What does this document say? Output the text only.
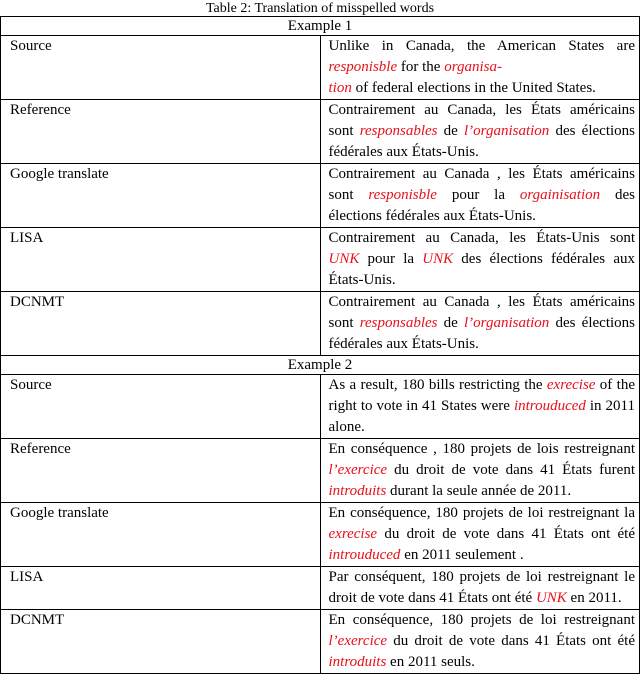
Table 2: Translation of misspelled words
Example 1	
Source	Unlike in Canada, the American States are responisble for the organisa-
tion of federal elections in the United States.
Reference	Contrairement au Canada, les États américains sont responsables de l’organisation des élections fédérales aux États-Unis.
Google translate	Contrairement au Canada , les États américains sont responisble pour la orgainisation des élections fédérales aux États-Unis.
LISA	Contrairement au Canada, les États-Unis sont UNK pour la UNK des élections fédérales aux États-Unis.
DCNMT	Contrairement au Canada , les États américains sont responsables de l’organisation des élections fédérales aux États-Unis.
Example 2	
Source	As a result, 180 bills restricting the exrecise of the right to vote in 41 States were introuduced in 2011 alone.
Reference	En conséquence , 180 projets de lois restreignant l’exercice du droit de vote dans 41 États furent introduits durant la seule année de 2011.
Google translate	En conséquence, 180 projets de loi restreignant la exrecise du droit de vote dans 41 États ont été introuduced en 2011 seulement .
LISA	Par conséquent, 180 projets de loi restreignant le droit de vote dans 41 États ont été UNK en 2011.
DCNMT	En conséquence, 180 projets de loi restreignant l’exercice du droit de vote dans 41 États ont été introduits en 2011 seuls.
